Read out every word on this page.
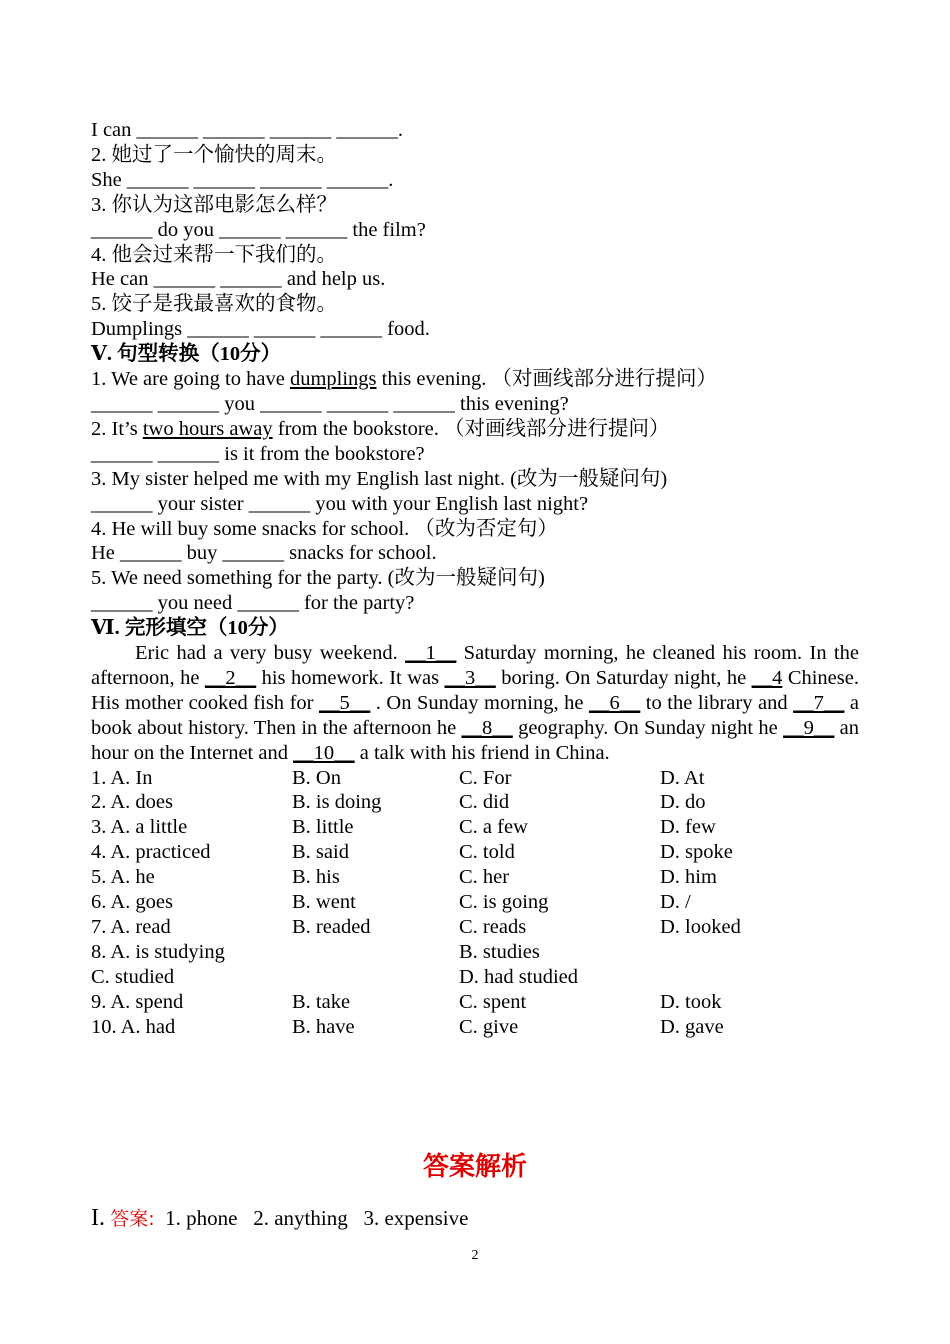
I can ______ ______ ______ ______.
2. 她过了一个愉快的周末。
She ______ ______ ______ ______.
3. 你认为这部电影怎么样？
______ do you ______ ______ the film?
4. 他会过来帮一下我们的。
He can ______ ______ and help us.
5. 饺子是我最喜欢的食物。
Dumplings ______ ______ ______ food.
Ⅴ. 句型转换（10分）
1. We are going to have dumplings this evening. （对画线部分进行提问）
______ ______ you ______ ______ ______ this evening?
2. It’s two hours away from the bookstore. （对画线部分进行提问）
______ ______ is it from the bookstore?
3. My sister helped me with my English last night. (改为一般疑问句)
______ your sister ______ you with your English last night?
4. He will buy some snacks for school. （改为否定句）
He ______ buy ______ snacks for school.
5. We need something for the party. (改为一般疑问句)
______ you need ______ for the party?
Ⅵ. 完形填空（10分）
Eric had a very busy weekend. __1__ Saturday morning, he cleaned his room. In the afternoon, he __2__ his homework. It was __3__ boring. On Saturday night, he __4 Chinese. His mother cooked fish for __5__ . On Sunday morning, he __6__ to the library and __7__ a book about history. Then in the afternoon he __8__ geography. On Sunday night he __9__ an hour on the Internet and __10__ a talk with his friend in China.
1. A. In	B. On	C. For	D. At
2. A. does	B. is doing	C. did	D. do
3. A. a little	B. little	C. a few	D. few
4. A. practiced	B. said	C. told	D. spoke
5. A. he	B. his	C. her	D. him
6. A. goes	B. went	C. is going	D. /
7. A. read	B. readed	C. reads	D. looked
8. A. is studying	B. studies
C. studied	D. had studied
9. A. spend	B. take	C. spent	D. took
10. A. had	B. have	C. give	D. gave
答案解析
I. 答案: 1. phone   2. anything   3. expensive
2
